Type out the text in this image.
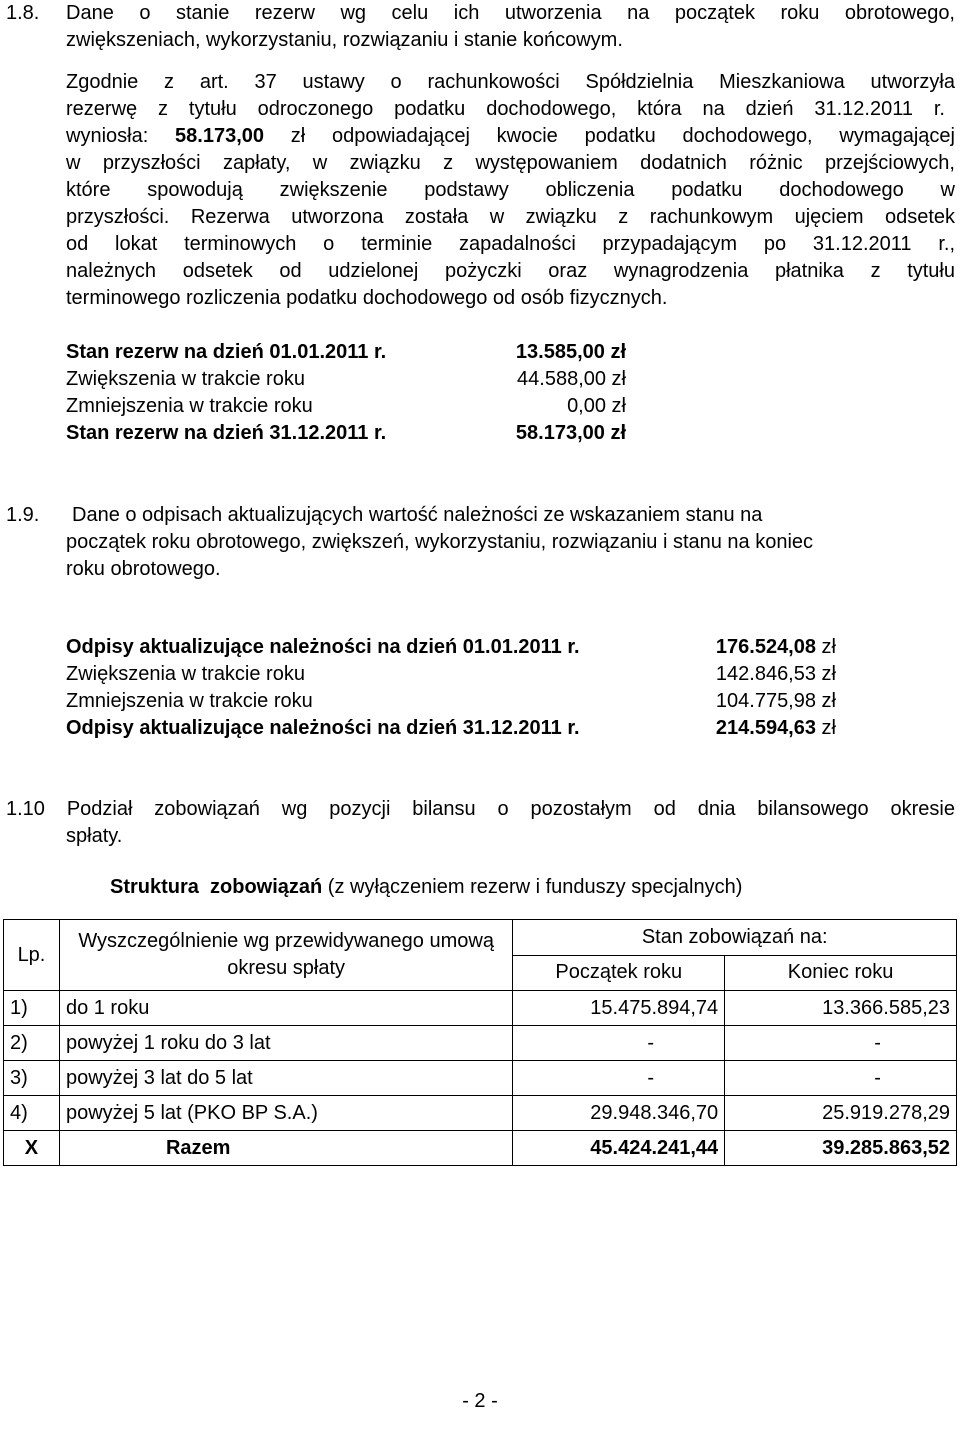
1.8. Dane o stanie rezerw wg celu ich utworzenia na początek roku obrotowego,
zwiększeniach, wykorzystaniu, rozwiązaniu i stanie końcowym.
Zgodnie z art. 37 ustawy o rachunkowości Spółdzielnia Mieszkaniowa utworzyła
rezerwę z tytułu odroczonego podatku dochodowego, która na dzień 31.12.2011 r.
wyniosła: 58.173,00 zł odpowiadającej kwocie podatku dochodowego, wymagającej
w przyszłości zapłaty, w związku z występowaniem dodatnich różnic przejściowych,
które spowodują zwiększenie podstawy obliczenia podatku dochodowego w
przyszłości. Rezerwa utworzona została w związku z rachunkowym ujęciem odsetek
od lokat terminowych o terminie zapadalności przypadającym po 31.12.2011 r.,
należnych odsetek od udzielonej pożyczki oraz wynagrodzenia płatnika z tytułu
terminowego rozliczenia podatku dochodowego od osób fizycznych.
Stan rezerw na dzień 01.01.2011 r.	13.585,00 zł
Zwiększenia w trakcie roku	44.588,00 zł
Zmniejszenia w trakcie roku	0,00 zł
Stan rezerw na dzień 31.12.2011 r.	58.173,00 zł
1.9. Dane o odpisach aktualizujących wartość należności ze wskazaniem stanu na
początek roku obrotowego, zwiększeń, wykorzystaniu, rozwiązaniu i stanu na koniec
roku obrotowego.
Odpisy aktualizujące należności na dzień 01.01.2011 r.	176.524,08 zł
Zwiększenia w trakcie roku	142.846,53 zł
Zmniejszenia w trakcie roku	104.775,98 zł
Odpisy aktualizujące należności na dzień 31.12.2011 r.	214.594,63 zł
1.10 Podział zobowiązań wg pozycji bilansu o pozostałym od dnia bilansowego okresie
spłaty.
Struktura  zobowiązań (z wyłączeniem rezerw i funduszy specjalnych)
Lp.	Wyszczególnienie wg przewidywanego umową okresu spłaty	Stan zobowiązań na:	
		Początek roku	Koniec roku
1)	do 1 roku	15.475.894,74	13.366.585,23
2)	powyżej 1 roku do 3 lat	-	-
3)	powyżej 3 lat do 5 lat	-	-
4)	powyżej 5 lat (PKO BP S.A.)	29.948.346,70	25.919.278,29
X	Razem	45.424.241,44	39.285.863,52
- 2 -
